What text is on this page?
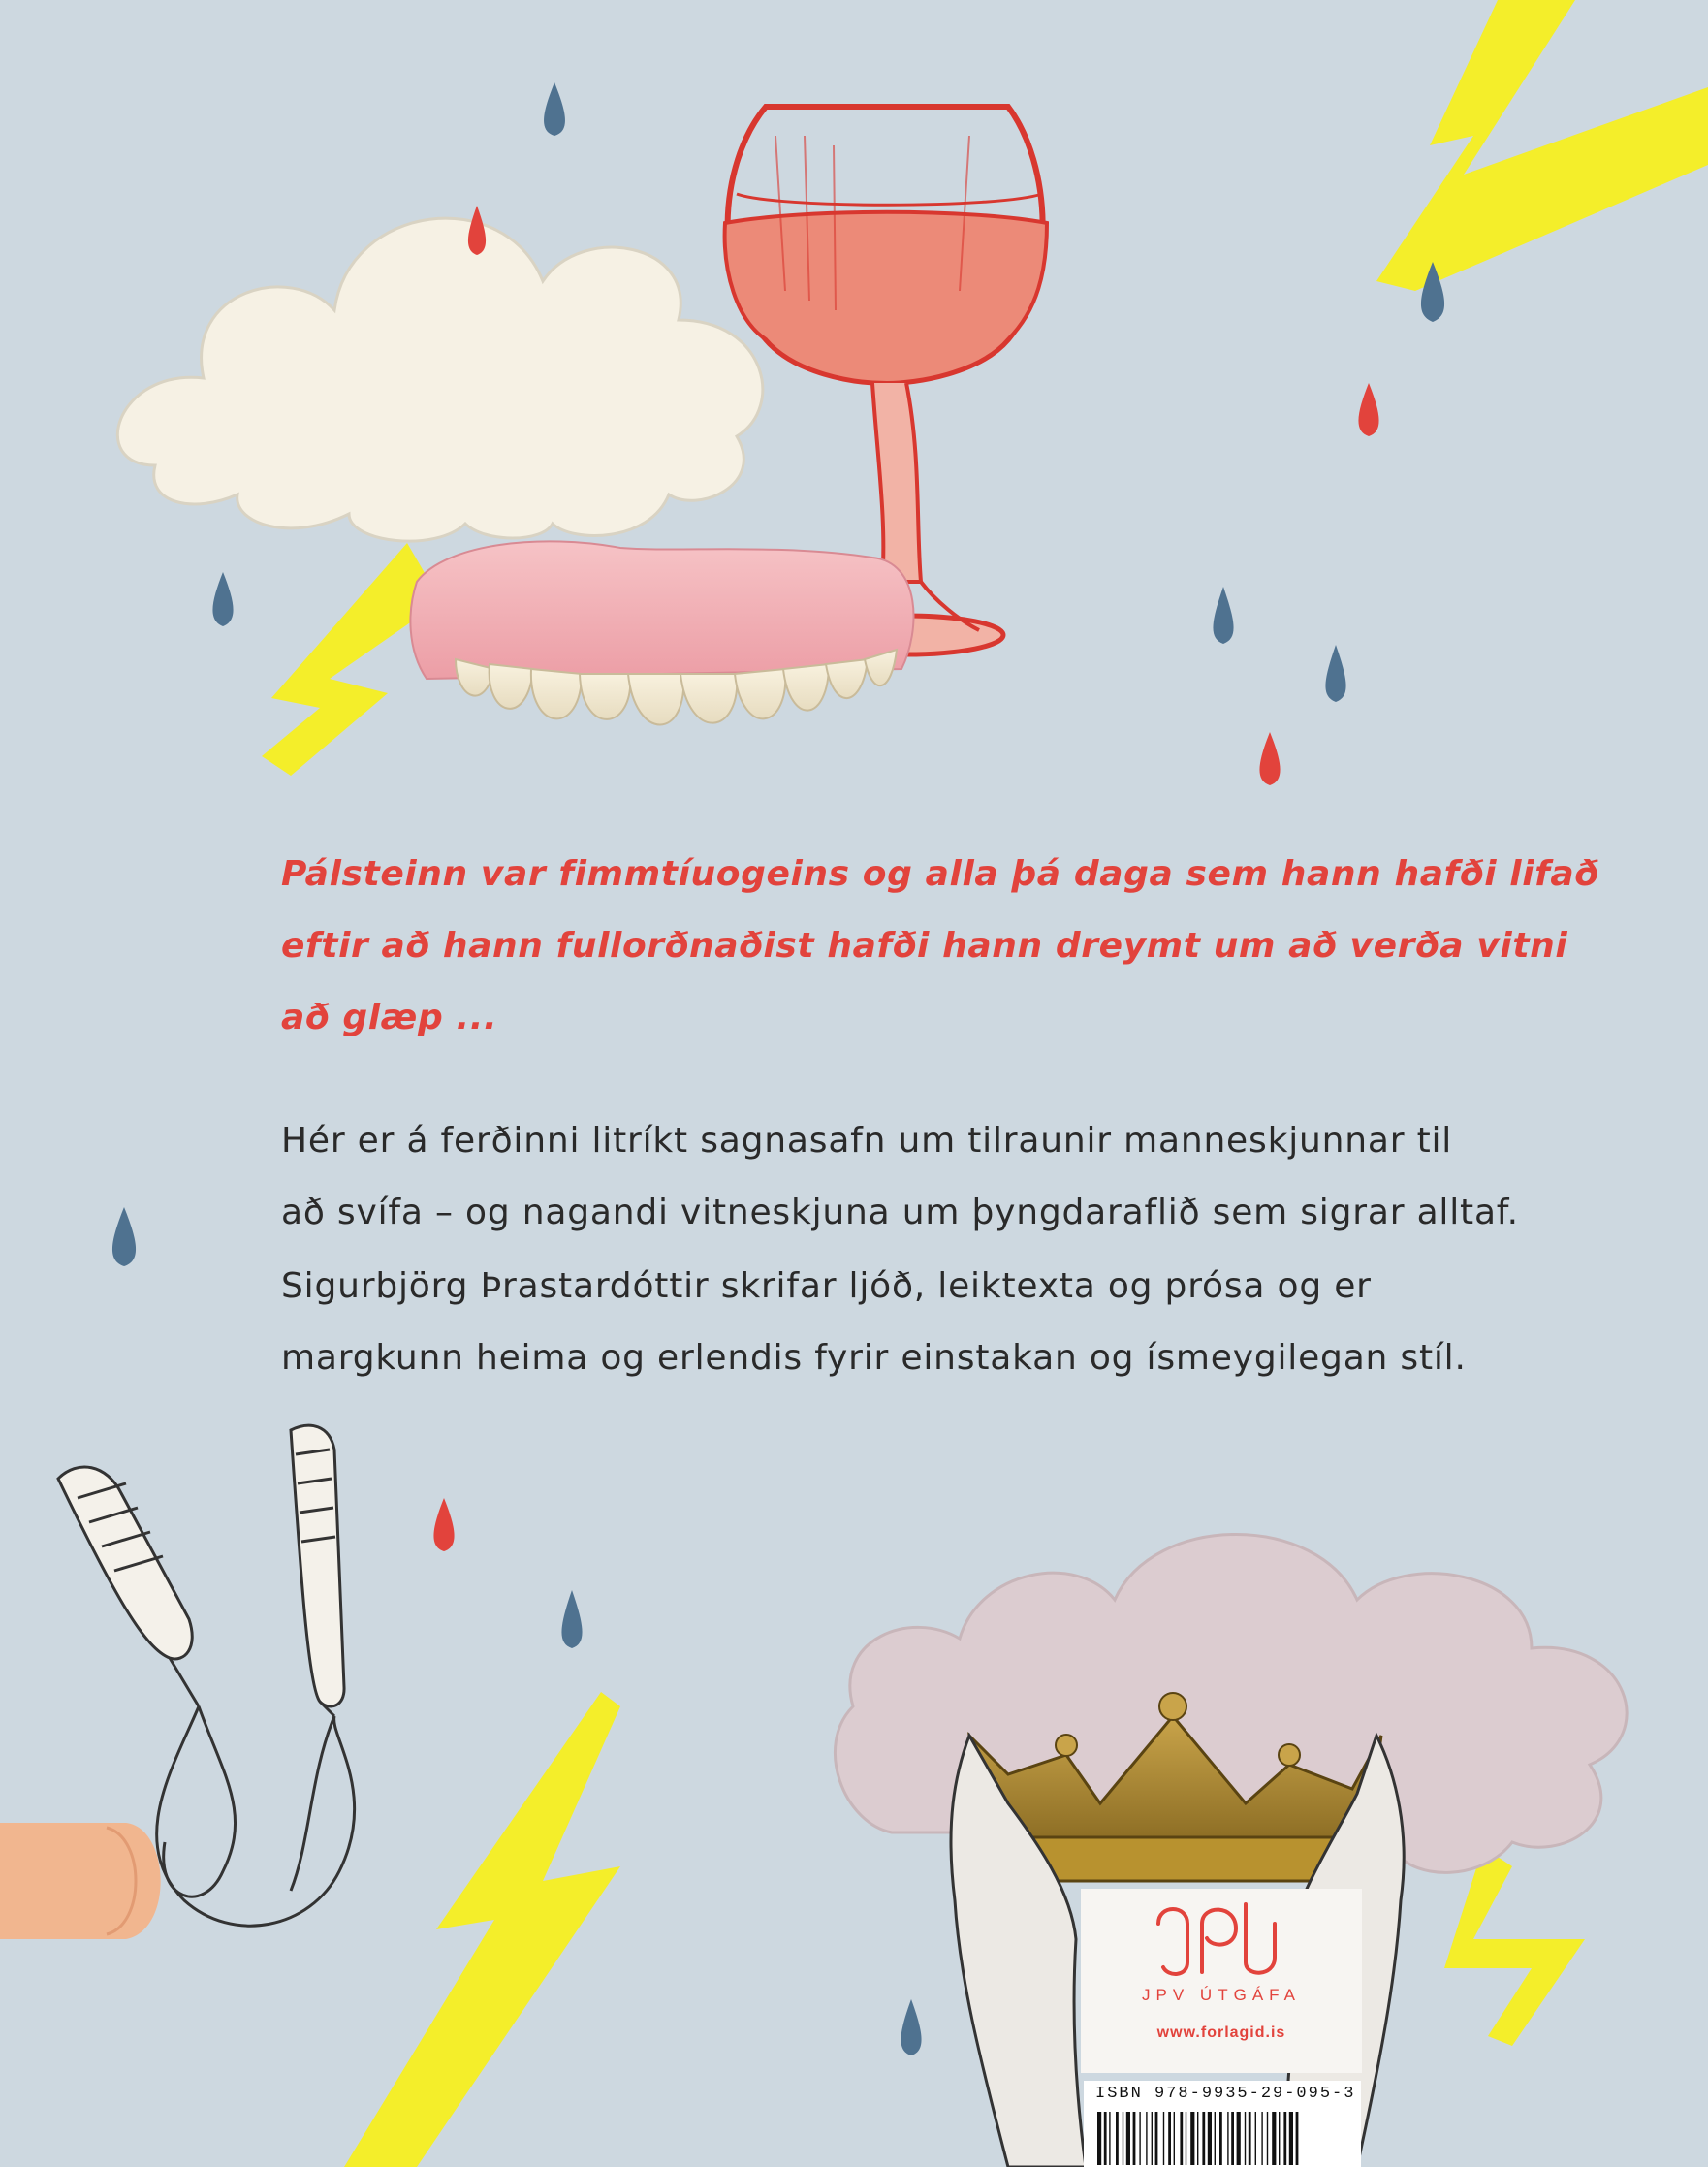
Pálsteinn var fimmtíuogeins og alla þá daga sem hann hafði lifað
eftir að hann fullorðnaðist hafði hann dreymt um að verða vitni
að glæp ...

Hér er á ferðinni litríkt sagnasafn um tilraunir manneskjunnar til
að svífa – og nagandi vitneskjuna um þyngdaraflið sem sigrar alltaf.

Sigurbjörg Þrastardóttir skrifar ljóð, leiktexta og prósa og er
margkunn heima og erlendis fyrir einstakan og ísmeygilegan stíl.

JPV ÚTGÁFA
www.forlagid.is
ISBN 978-9935-29-095-3
